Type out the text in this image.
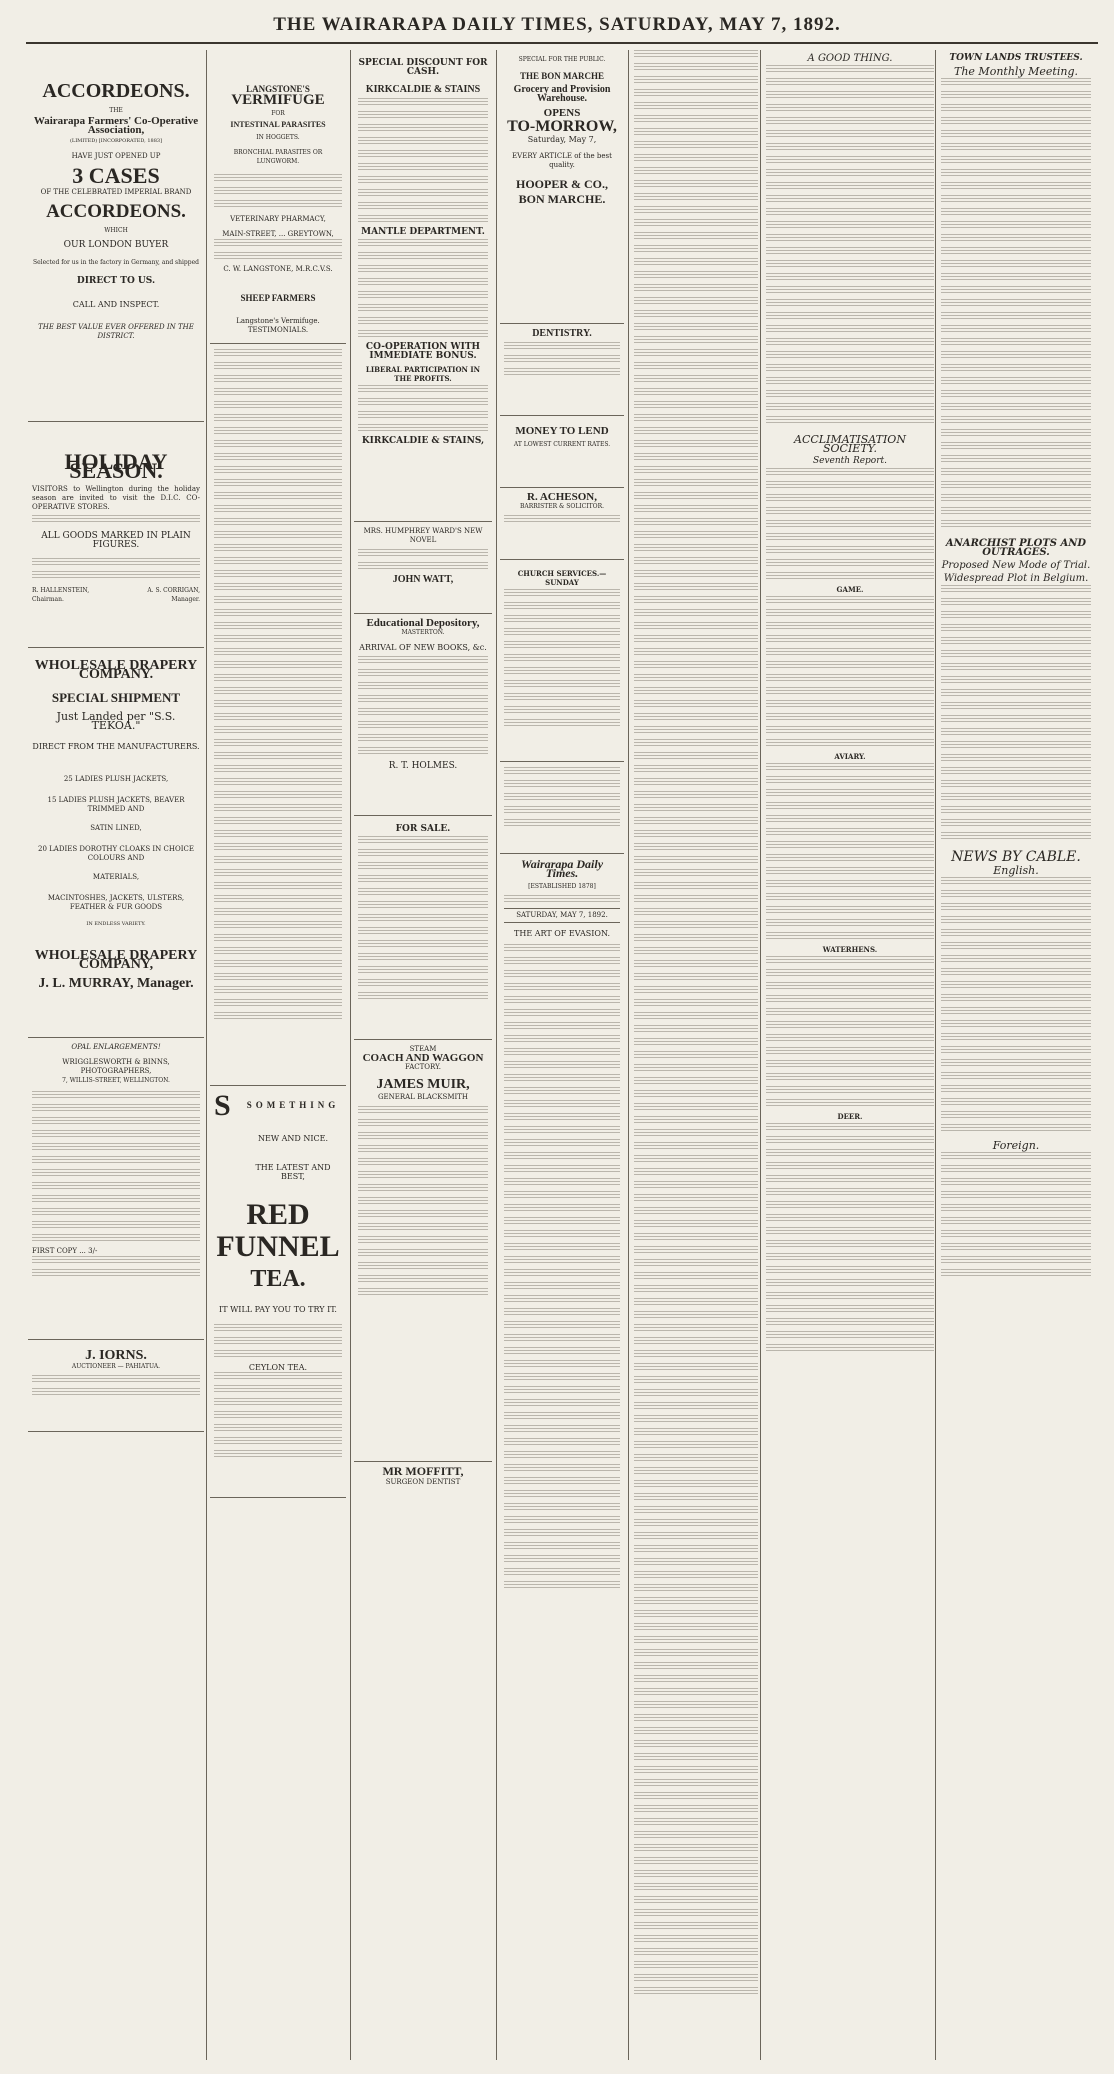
THE WAIRARAPA DAILY TIMES, SATURDAY, MAY 7, 1892.
ACCORDEONS.
THE
Wairarapa Farmers' Co-Operative Association,
(LIMITED) [INCORPORATED, 1883]
HAVE JUST OPENED UP
3 CASES
OF THE CELEBRATED IMPERIAL BRAND
ACCORDEONS.
WHICH
OUR LONDON BUYER
Selected for us in the factory in Germany, and shipped
DIRECT TO US.
CALL AND INSPECT.
THE BEST VALUE EVER OFFERED IN THE DISTRICT.
HOLIDAY SEASON.
VISITORS to Wellington during the holiday season are invited to visit the D.I.C. CO-OPERATIVE STORES.
ALL GOODS MARKED IN PLAIN FIGURES.
R. HALLENSTEIN,	A. S. CORRIGAN,
Chairman.	Manager.
WHOLESALE DRAPERY COMPANY.
SPECIAL SHIPMENT
Just Landed per "S.S. TEKOA."
DIRECT FROM THE MANUFACTURERS.
25 LADIES PLUSH JACKETS,
15 LADIES PLUSH JACKETS, BEAVER TRIMMED AND
SATIN LINED,
20 LADIES DOROTHY CLOAKS IN CHOICE COLOURS AND
MATERIALS,
MACINTOSHES, JACKETS, ULSTERS, FEATHER & FUR GOODS
IN ENDLESS VARIETY.
WHOLESALE DRAPERY COMPANY,
J. L. MURRAY, Manager.
OPAL ENLARGEMENTS!
WRIGGLESWORTH & BINNS, PHOTOGRAPHERS,
7, WILLIS-STREET, WELLINGTON.
FIRST COPY ... 3/-
J. IORNS.
AUCTIONEER — PAHIATUA.
LANGSTONE'S
VERMIFUGE
FOR
INTESTINAL PARASITES
IN HOGGETS.
BRONCHIAL PARASITES OR LUNGWORM.
VETERINARY PHARMACY,
MAIN-STREET, ... GREYTOWN,
C. W. LANGSTONE, M.R.C.V.S.
SHEEP FARMERS
Langstone's Vermifuge. TESTIMONIALS.
S	SOMETHING
NEW AND NICE.
THE LATEST AND BEST,
RED FUNNEL
TEA.
IT WILL PAY YOU TO TRY IT.
CEYLON TEA.
SPECIAL DISCOUNT FOR CASH.
KIRKCALDIE & STAINS
MANTLE DEPARTMENT.
CO-OPERATION WITH IMMEDIATE BONUS.
LIBERAL PARTICIPATION IN THE PROFITS.
KIRKCALDIE & STAINS,
MRS. HUMPHREY WARD'S NEW NOVEL
JOHN WATT,
Educational Depository,
MASTERTON.
ARRIVAL OF NEW BOOKS, &c.
R. T. HOLMES.
FOR SALE.
STEAM
COACH AND WAGGON
FACTORY.
JAMES MUIR,
GENERAL BLACKSMITH
MR MOFFITT,
SURGEON DENTIST
SPECIAL FOR THE PUBLIC.
THE BON MARCHE
Grocery and Provision Warehouse.
OPENS
TO-MORROW,
Saturday, May 7,
EVERY ARTICLE of the best quality.
HOOPER & CO.,
BON MARCHE.
DENTISTRY.
MONEY TO LEND
AT LOWEST CURRENT RATES.
R. ACHESON,
BARRISTER & SOLICITOR.
CHURCH SERVICES.—SUNDAY
Wairarapa Daily Times.
[ESTABLISHED 1878]
SATURDAY, MAY 7, 1892.
THE ART OF EVASION.
A GOOD THING.
ACCLIMATISATION SOCIETY.
Seventh Report.
GAME.
AVIARY.
WATERHENS.
DEER.
TOWN LANDS TRUSTEES.
The Monthly Meeting.
ANARCHIST PLOTS AND OUTRAGES.
Proposed New Mode of Trial.
Widespread Plot in Belgium.
NEWS BY CABLE.
English.
Foreign.
